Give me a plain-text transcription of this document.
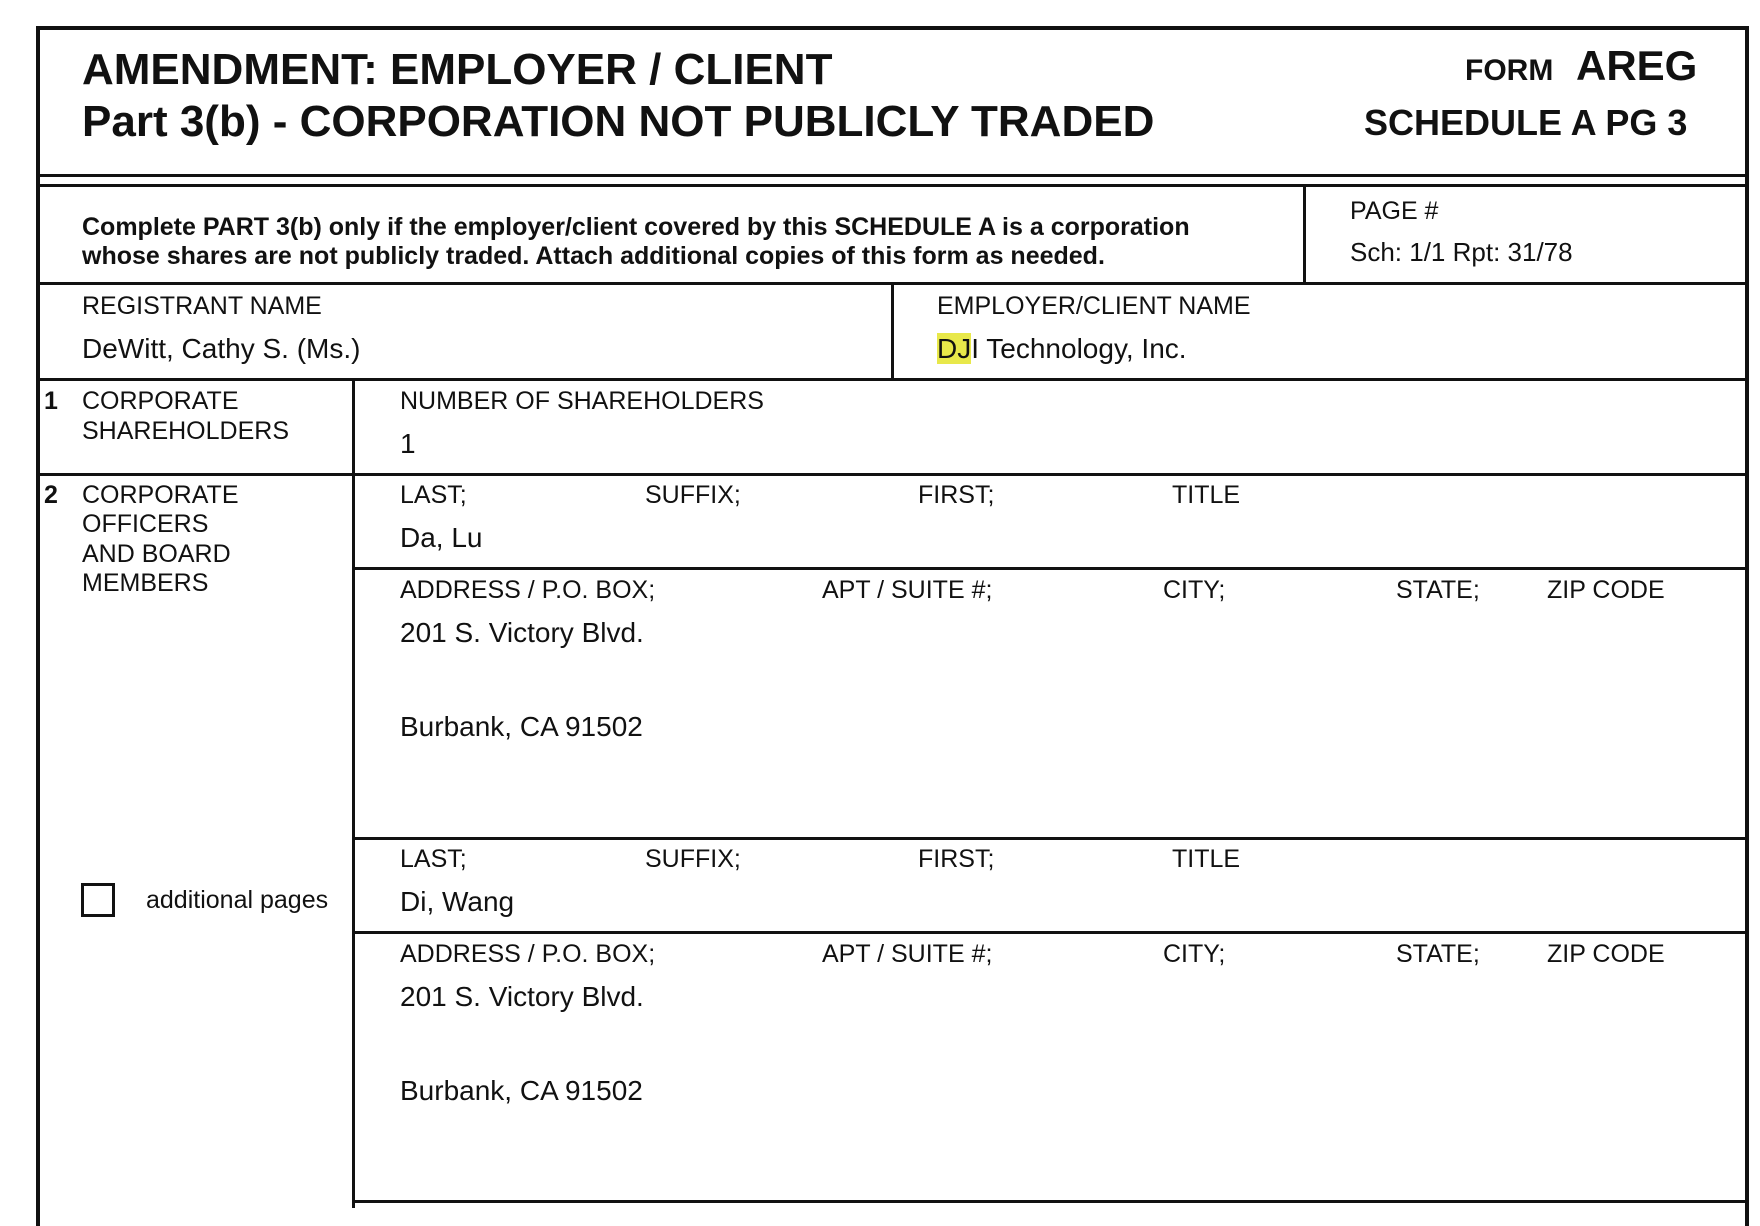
AMENDMENT: EMPLOYER / CLIENT
Part 3(b) - CORPORATION NOT PUBLICLY TRADED
FORM AREG
SCHEDULE A PG 3
Complete PART 3(b) only if the employer/client covered by this SCHEDULE A is a corporation
whose shares are not publicly traded. Attach additional copies of this form as needed.
PAGE #
Sch: 1/1 Rpt: 31/78
REGISTRANT NAME
DeWitt, Cathy S. (Ms.)
EMPLOYER/CLIENT NAME
DJI Technology, Inc.
1 CORPORATE
SHAREHOLDERS
NUMBER OF SHAREHOLDERS
1
2 CORPORATE
OFFICERS
AND BOARD
MEMBERS
additional pages
LAST;	SUFFIX;	FIRST;	TITLE
Da, Lu
ADDRESS / P.O. BOX;	APT / SUITE #;	CITY;	STATE;	ZIP CODE
201 S. Victory Blvd.
Burbank, CA 91502
LAST;	SUFFIX;	FIRST;	TITLE
Di, Wang
ADDRESS / P.O. BOX;	APT / SUITE #;	CITY;	STATE;	ZIP CODE
201 S. Victory Blvd.
Burbank, CA 91502
